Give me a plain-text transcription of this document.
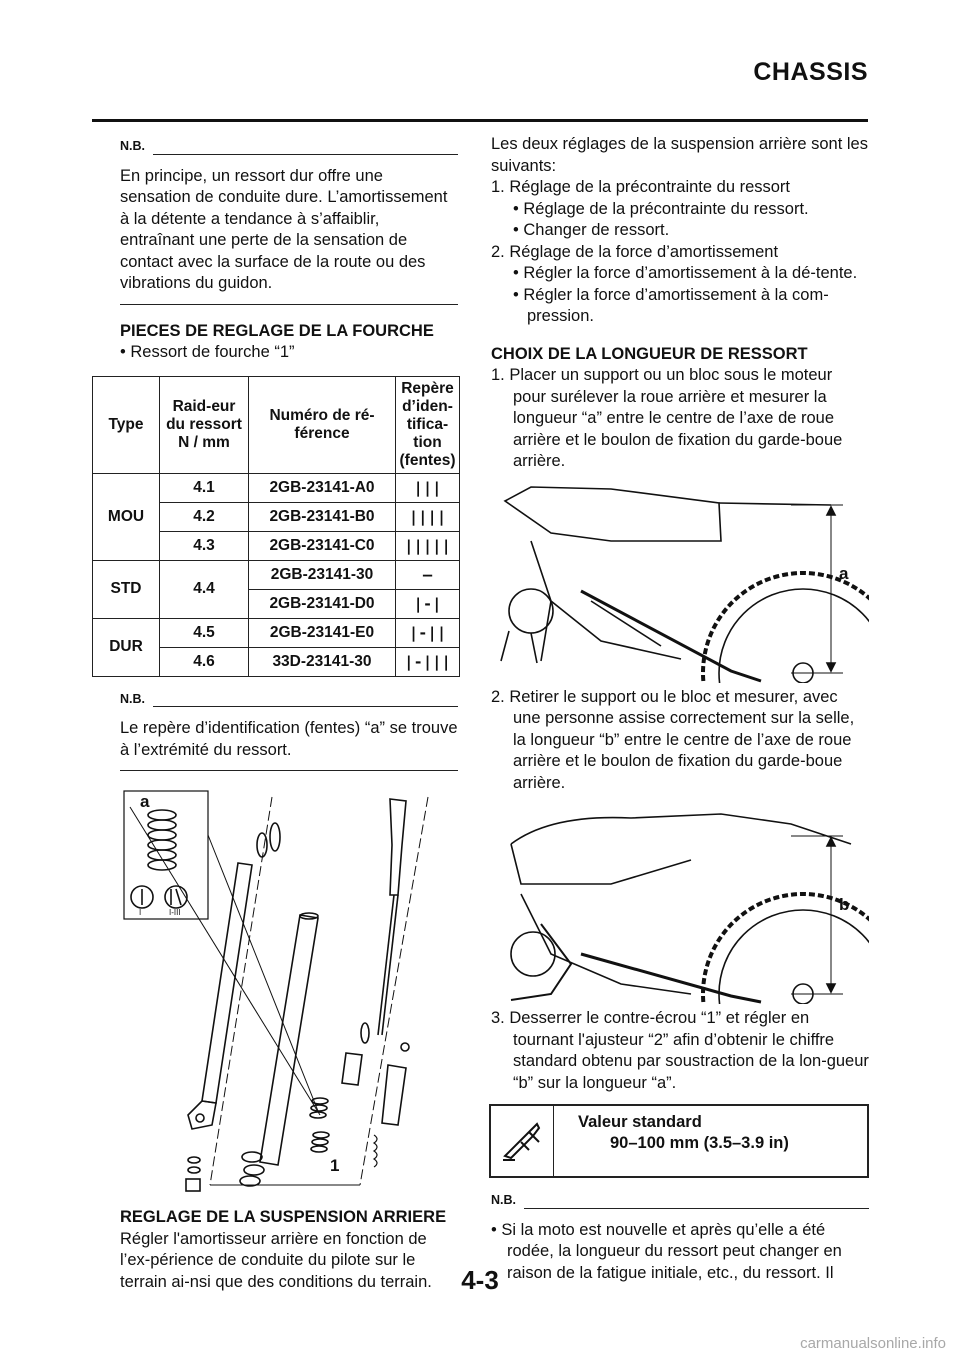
CHASSIS
N.B.

En principe, un ressort dur offre une sensation de conduite dure. L’amortissement à la détente a tendance à s’affaiblir, entraînant une perte de la sensation de contact avec la surface de la route ou des vibrations du guidon.

PIECES DE REGLAGE DE LA FOURCHE

• Ressort de fourche “1”

Type	Raid-eur du ressort N / mm	Numéro de ré-férence	Repère d’iden-tifica-tion (fentes)
MOU	4.1	2GB-23141-A0	|||
	4.2	2GB-23141-B0	||||
	4.3	2GB-23141-C0	|||||
STD	4.4	2GB-23141-30	—
		2GB-23141-D0	|-|
DUR	4.5	2GB-23141-E0	|-||
	4.6	33D-23141-30	|-|||
N.B.

Le repère d’identification (fentes) “a” se trouve à l’extrémité du ressort.

a
1
I	I-III

REGLAGE DE LA SUSPENSION ARRIERE

Régler l'amortisseur arrière en fonction de l’ex-périence de conduite du pilote sur le terrain ai-nsi que des conditions du terrain.

Les deux réglages de la suspension arrière sont les suivants:

1. Réglage de la précontrainte du ressort

• Réglage de la précontrainte du ressort.

• Changer de ressort.

2. Réglage de la force d’amortissement

• Régler la force d’amortissement à la dé-tente.

• Régler la force d’amortissement à la com-pression.

CHOIX DE LA LONGUEUR DE RESSORT

1. Placer un support ou un bloc sous le moteur pour surélever la roue arrière et mesurer la longueur “a” entre le centre de l’axe de roue arrière et le boulon de fixation du garde-boue arrière.

a

2. Retirer le support ou le bloc et mesurer, avec une personne assise correctement sur la selle, la longueur “b” entre le centre de l’axe de roue arrière et le boulon de fixation du garde-boue arrière.

b

3. Desserrer le contre-écrou “1” et régler en tournant l'ajusteur “2” afin d’obtenir le chiffre standard obtenu par soustraction de la lon-gueur “b” sur la longueur “a”.

Valeur standard
90–100 mm (3.5–3.9 in)
N.B.

• Si la moto est nouvelle et après qu’elle a été rodée, la longueur du ressort peut changer en raison de la fatigue initiale, etc., du ressort. Il

4-3
carmanualsonline.info
